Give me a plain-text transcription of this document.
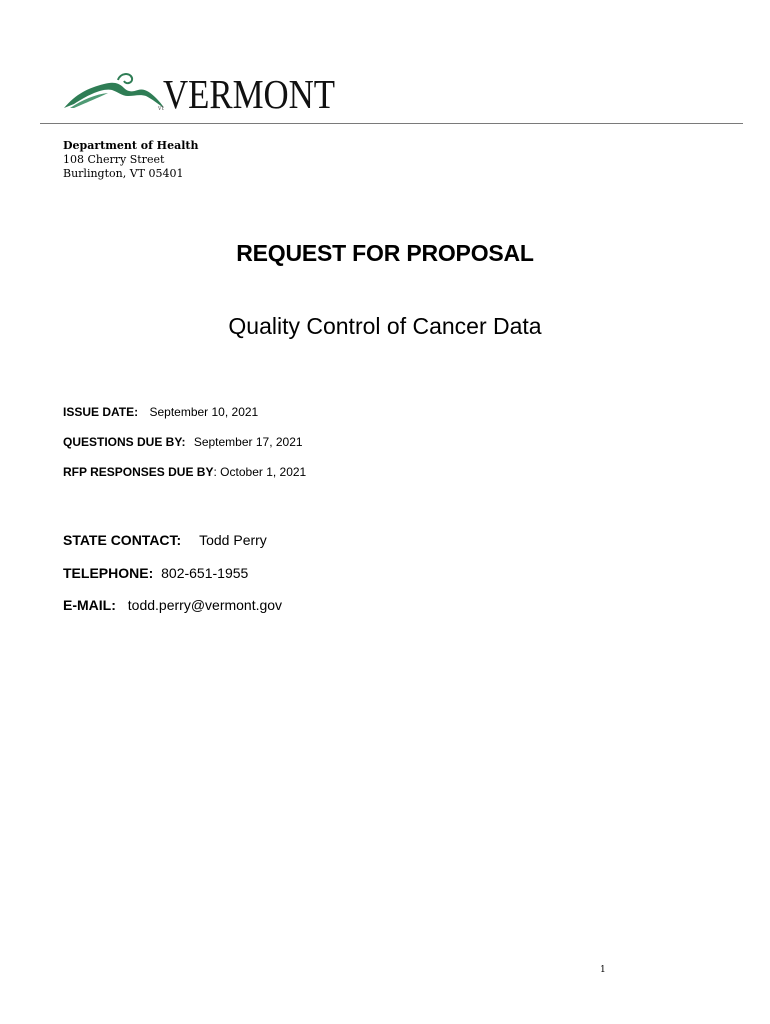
vt VERMONT
Department of Health
108 Cherry Street
Burlington, VT 05401
REQUEST FOR PROPOSAL
Quality Control of Cancer Data
ISSUE DATE: September 10, 2021
QUESTIONS DUE BY: September 17, 2021
RFP RESPONSES DUE BY: October 1, 2021
STATE CONTACT: Todd Perry
TELEPHONE: 802-651-1955
E-MAIL: todd.perry@vermont.gov
1
